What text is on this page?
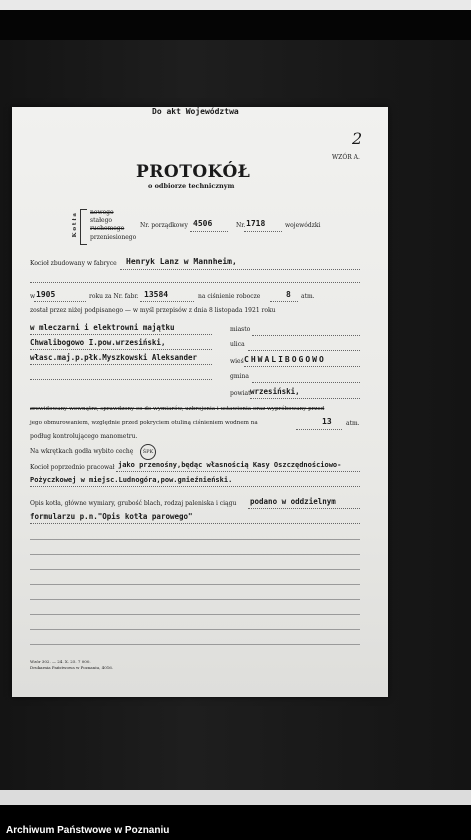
Do akt Województwa
2
WZÓR A.
PROTOKÓŁ
o odbiorze technicznym
K o t ł a
nowego
stałego
ruchomego
przeniesionego
Nr. porządkowy 4506	Nr. 1718	wojewódzki
Kocioł zbudowany w fabryce Henryk Lanz w Mannheim,
w 1905	roku za Nr. fabr. 13584	na ciśnienie robocze	8 atm.
został przez niżej podpisanego — w myśl przepisów z dnia 8 listopada 1921 roku
w mleczarni i elektrowni majątku
Chwalibogowo I.pow.wrzesiński,
własc.maj.p.płk.Myszkowski Aleksander
miasto
ulica
wieś CHWALIBOGOWO
gmina
powiat wrzesiński,
zrewidowany wewnątrz, sprawdzony co do wymiarów, uzbrojenia i ustawienia oraz wypróbowany przed
jego obmurowaniem, względnie przed pokryciem otuliną ciśnieniem wodnem na	13 atm.
podług kontrolującego manometru.
Na wkrętkach godła wybito cechę	ŚPK
Kocioł poprzednio pracował jako przenośny,będąc własnością Kasy Oszczędnościowo-
Pożyczkowej w miejsc.Ludnogóra,pow.gnieźnieński.
Opis kotła, główne wymiary, grubość blach, rodzaj paleniska i ciągu podano w oddzielnym
formularzu p.n."Opis kotła parowego"
Wzór 302. — 24. X. 25. 7 000.
Drukarnia Państwowa w Poznaniu, 4016.
Archiwum Państwowe w Poznaniu
